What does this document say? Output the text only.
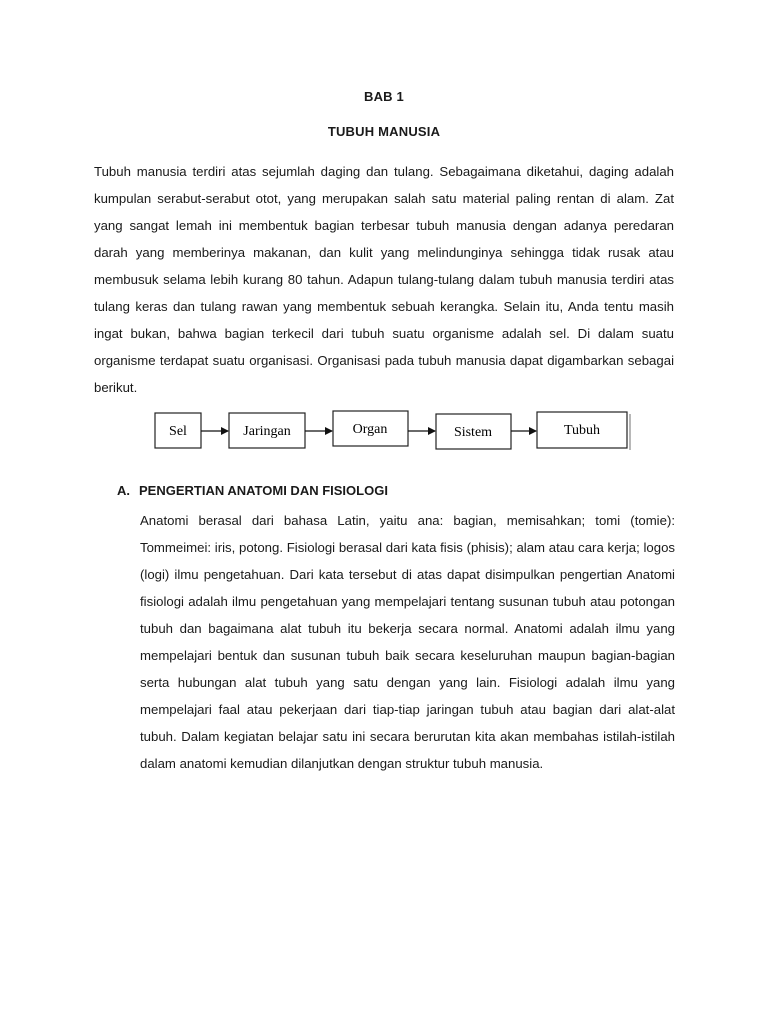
BAB 1
TUBUH MANUSIA

Tubuh manusia terdiri atas sejumlah daging dan tulang. Sebagaimana diketahui, daging adalah kumpulan serabut-serabut otot, yang merupakan salah satu material paling rentan di alam. Zat yang sangat lemah ini membentuk bagian terbesar tubuh manusia dengan adanya peredaran darah yang memberinya makanan, dan kulit yang melindunginya sehingga tidak rusak atau membusuk selama lebih kurang 80 tahun. Adapun tulang-tulang dalam tubuh manusia terdiri atas tulang keras dan tulang rawan yang membentuk sebuah kerangka. Selain itu, Anda tentu masih ingat bukan, bahwa bagian terkecil dari tubuh suatu organisme adalah sel. Di dalam suatu organisme terdapat suatu organisasi. Organisasi pada tubuh manusia dapat digambarkan sebagai berikut.

Sel	Jaringan	Organ	Sistem	Tubuh
A. PENGERTIAN ANATOMI DAN FISIOLOGI

Anatomi berasal dari bahasa Latin, yaitu ana: bagian, memisahkan; tomi (tomie): Tommeimei: iris, potong. Fisiologi berasal dari kata fisis (phisis); alam atau cara kerja; logos (logi) ilmu pengetahuan. Dari kata tersebut di atas dapat disimpulkan pengertian Anatomi fisiologi adalah ilmu pengetahuan yang mempelajari tentang susunan tubuh atau potongan tubuh dan bagaimana alat tubuh itu bekerja secara normal. Anatomi adalah ilmu yang mempelajari bentuk dan susunan tubuh baik secara keseluruhan maupun bagian-bagian serta hubungan alat tubuh yang satu dengan yang lain. Fisiologi adalah ilmu yang mempelajari faal atau pekerjaan dari tiap-tiap jaringan tubuh atau bagian dari alat-alat tubuh. Dalam kegiatan belajar satu ini secara berurutan kita akan membahas istilah-istilah dalam anatomi kemudian dilanjutkan dengan struktur tubuh manusia.
